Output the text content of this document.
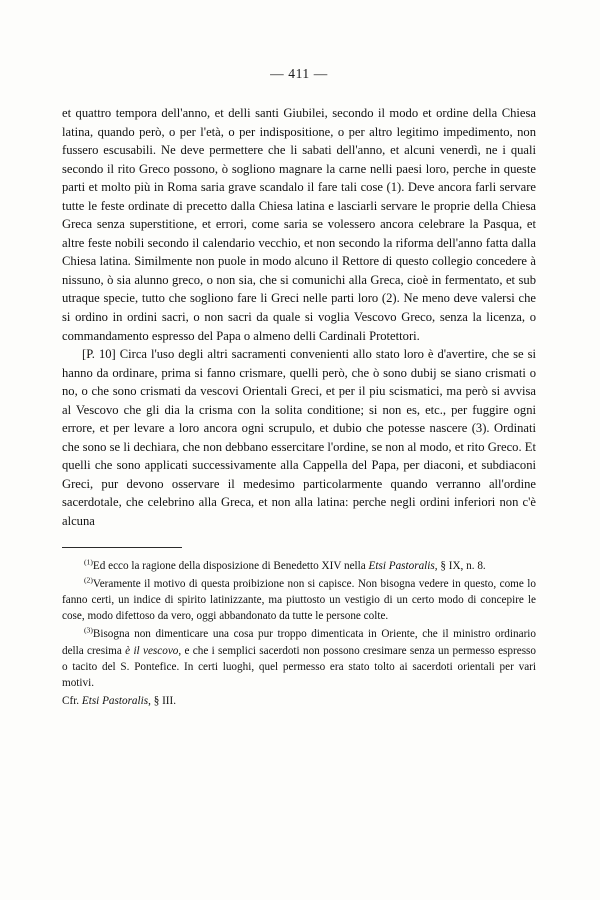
— 411 —

et quattro tempora dell'anno, et delli santi Giubilei, secondo il modo et ordine della Chiesa latina, quando però, o per l'età, o per indispositione, o per altro legitimo impedimento, non fussero escusabili. Ne deve permettere che li sabati dell'anno, et alcuni venerdì, ne i quali secondo il rito Greco possono, ò sogliono magnare la carne nelli paesi loro, perche in queste parti et molto più in Roma saria grave scandalo il fare tali cose (1). Deve ancora farli servare tutte le feste ordinate di precetto dalla Chiesa latina e lasciarli servare le proprie della Chiesa Greca senza superstitione, et errori, come saria se volessero ancora celebrare la Pasqua, et altre feste nobili secondo il calendario vecchio, et non secondo la riforma dell'anno fatta dalla Chiesa latina. Similmente non puole in modo alcuno il Rettore di questo collegio concedere à nissuno, ò sia alunno greco, o non sia, che si comunichi alla Greca, cioè in fermentato, et sub utraque specie, tutto che sogliono fare li Greci nelle parti loro (2). Ne meno deve valersi che si ordino in ordini sacri, o non sacri da quale si voglia Vescovo Greco, senza la licenza, o commandamento espresso del Papa o almeno delli Cardinali Protettori.

[P. 10] Circa l'uso degli altri sacramenti convenienti allo stato loro è d'avertire, che se si hanno da ordinare, prima si fanno crismare, quelli però, che ò sono dubij se siano crismati o no, o che sono crismati da vescovi Orientali Greci, et per il piu scismatici, ma però si avvisa al Vescovo che gli dia la crisma con la solita conditione; si non es, etc., per fuggire ogni errore, et per levare a loro ancora ogni scrupulo, et dubio che potesse nascere (3). Ordinati che sono se li dechiara, che non debbano essercitare l'ordine, se non al modo, et rito Greco. Et quelli che sono applicati successivamente alla Cappella del Papa, per diaconi, et subdiaconi Greci, pur devono osservare il medesimo particolarmente quando verranno all'ordine sacerdotale, che celebrino alla Greca, et non alla latina: perche negli ordini inferiori non c'è alcuna

$^{(1)}$Ed ecco la ragione della disposizione di Benedetto XIV nella Etsi Pastoralis, § IX, n. 8.

$^{(2)}$Veramente il motivo di questa proibizione non si capisce. Non bisogna vedere in questo, come lo fanno certi, un indice di spirito latinizzante, ma piuttosto un vestigio di un certo modo di concepire le cose, modo difettoso da vero, oggi abbandonato da tutte le persone colte.

$^{(3)}$Bisogna non dimenticare una cosa pur troppo dimenticata in Oriente, che il ministro ordinario della cresima è il vescovo, e che i semplici sacerdoti non possono cresimare senza un permesso espresso o tacito del S. Pontefice. In certi luoghi, quel permesso era stato tolto ai sacerdoti orientali per vari motivi.

Cfr. Etsi Pastoralis, § III.
